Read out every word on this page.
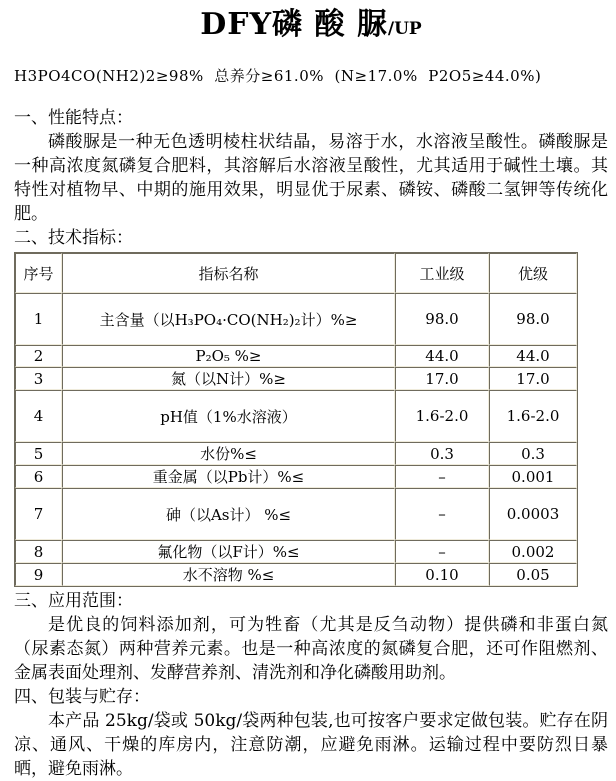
DFY磷 酸 脲/UP

H3PO4CO(NH2)2≥98%  总养分≥61.0%  (N≥17.0%  P2O5≥44.0%)

一、性能特点：

磷酸脲是一种无色透明棱柱状结晶，易溶于水，水溶液呈酸性。磷酸脲是一种高浓度氮磷复合肥料，其溶解后水溶液呈酸性，尤其适用于碱性土壤。其特性对植物早、中期的施用效果，明显优于尿素、磷铵、磷酸二氢钾等传统化肥。

二、技术指标：

序号	指标名称	工业级	优级
1	主含量（以H₃PO₄·CO(NH₂)₂计）%≥	98.0	98.0
2	P₂O₅ %≥	44.0	44.0
3	氮（以N计）%≥	17.0	17.0
4	pH值（1%水溶液）	1.6-2.0	1.6-2.0
5	水份%≤	0.3	0.3
6	重金属（以Pb计）%≤	–	0.001
7	砷（以As计） %≤	–	0.0003
8	氟化物（以F计）%≤	–	0.002
9	水不溶物 %≤	0.10	0.05

三、应用范围：

是优良的饲料添加剂，可为牲畜（尤其是反刍动物）提供磷和非蛋白氮（尿素态氮）两种营养元素。也是一种高浓度的氮磷复合肥，还可作阻燃剂、金属表面处理剂、发酵营养剂、清洗剂和净化磷酸用助剂。

四、包装与贮存：

本产品 25kg/袋或 50kg/袋两种包装,也可按客户要求定做包装。贮存在阴凉、通风、干燥的库房内，注意防潮，应避免雨淋。运输过程中要防烈日暴晒，避免雨淋。
